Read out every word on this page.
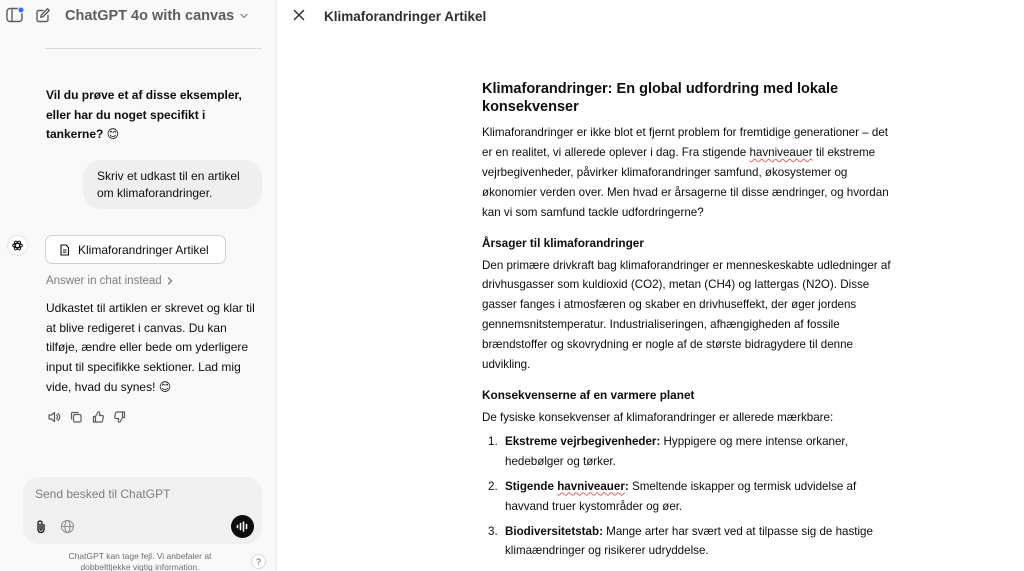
ChatGPT 4o with canvas
Vil du prøve et af disse eksempler, eller har du noget specifikt i tankerne? 😊
Skriv et udkast til en artikel om klimaforandringer.
Klimaforandringer Artikel
Answer in chat instead
Udkastet til artiklen er skrevet og klar til at blive redigeret i canvas. Du kan tilføje, ændre eller bede om yderligere input til specifikke sektioner. Lad mig vide, hvad du synes! 😊
Send besked til ChatGPT
ChatGPT kan tage fejl. Vi anbefaler at dobbelttjekke vigtig information.
?
Klimaforandringer Artikel
Klimaforandringer: En global udfordring med lokale konsekvenser

Klimaforandringer er ikke blot et fjernt problem for fremtidige generationer – det er en realitet, vi allerede oplever i dag. Fra stigende havniveauer til ekstreme vejrbegivenheder, påvirker klimaforandringer samfund, økosystemer og økonomier verden over. Men hvad er årsagerne til disse ændringer, og hvordan kan vi som samfund tackle udfordringerne?

Årsager til klimaforandringer

Den primære drivkraft bag klimaforandringer er menneskeskabte udledninger af drivhusgasser som kuldioxid (CO2), metan (CH4) og lattergas (N2O). Disse gasser fanges i atmosfæren og skaber en drivhuseffekt, der øger jordens gennemsnitstemperatur. Industrialiseringen, afhængigheden af fossile brændstoffer og skovrydning er nogle af de største bidragydere til denne udvikling.

Konsekvenserne af en varmere planet

De fysiske konsekvenser af klimaforandringer er allerede mærkbare:

1. Ekstreme vejrbegivenheder: Hyppigere og mere intense orkaner, hedebølger og tørker.
2. Stigende havniveauer: Smeltende iskapper og termisk udvidelse af havvand truer kystområder og øer.
3. Biodiversitetstab: Mange arter har svært ved at tilpasse sig de hastige klimaændringer og risikerer udryddelse.
